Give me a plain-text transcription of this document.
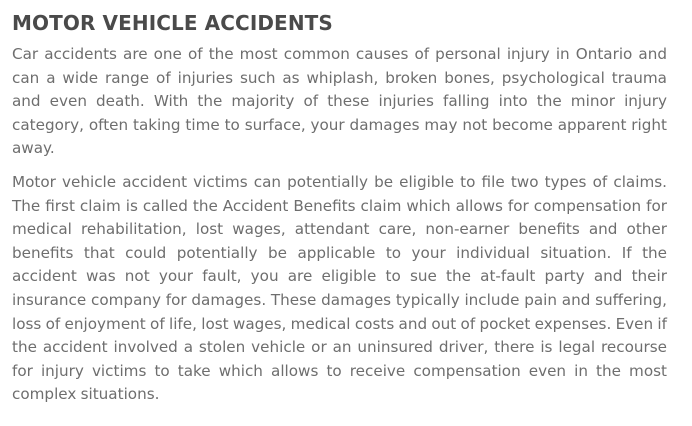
MOTOR VEHICLE ACCIDENTS

Car accidents are one of the most common causes of personal injury in Ontario and can a wide range of injuries such as whiplash, broken bones, psychological trauma and even death. With the majority of these injuries falling into the minor injury category, often taking time to surface, your damages may not become apparent right away.

Motor vehicle accident victims can potentially be eligible to file two types of claims. The first claim is called the Accident Benefits claim which allows for compensation for medical rehabilitation, lost wages, attendant care, non-earner benefits and other benefits that could potentially be applicable to your individual situation. If the accident was not your fault, you are eligible to sue the at-fault party and their insurance company for damages. These damages typically include pain and suffering, loss of enjoyment of life, lost wages, medical costs and out of pocket expenses. Even if the accident involved a stolen vehicle or an uninsured driver, there is legal recourse for injury victims to take which allows to receive compensation even in the most complex situations.
